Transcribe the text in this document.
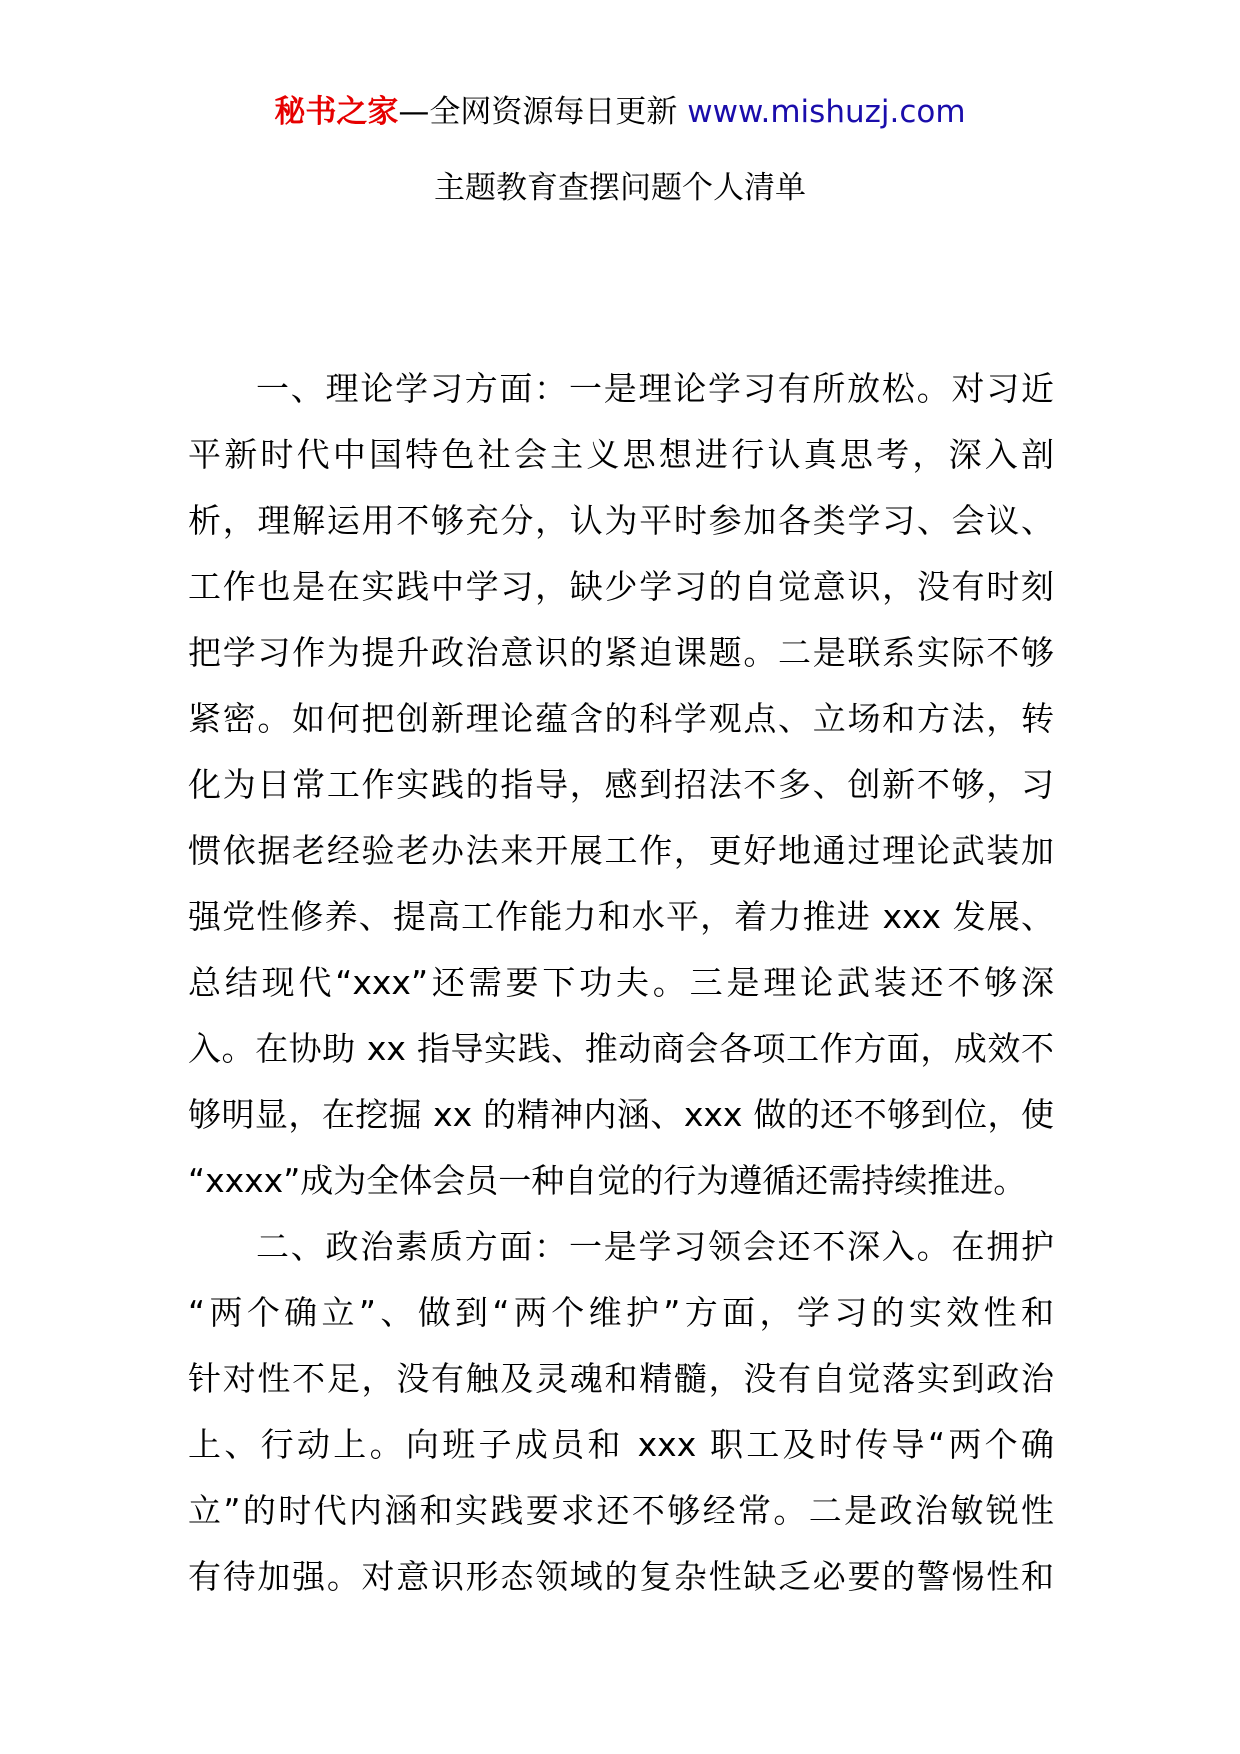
秘书之家—全网资源每日更新 www.mishuzj.com
主题教育查摆问题个人清单
一、理论学习方面：一是理论学习有所放松。对习近
平新时代中国特色社会主义思想进行认真思考，深入剖
析，理解运用不够充分，认为平时参加各类学习、会议、
工作也是在实践中学习，缺少学习的自觉意识，没有时刻
把学习作为提升政治意识的紧迫课题。二是联系实际不够
紧密。如何把创新理论蕴含的科学观点、立场和方法，转
化为日常工作实践的指导，感到招法不多、创新不够，习
惯依据老经验老办法来开展工作，更好地通过理论武装加
强党性修养、提高工作能力和水平，着力推进 xxx 发展、
总结现代“xxx”还需要下功夫。三是理论武装还不够深
入。在协助 xx 指导实践、推动商会各项工作方面，成效不
够明显，在挖掘 xx 的精神内涵、xxx 做的还不够到位，使
“xxxx”成为全体会员一种自觉的行为遵循还需持续推进。
二、政治素质方面：一是学习领会还不深入。在拥护
“两个确立”、做到“两个维护”方面，学习的实效性和
针对性不足，没有触及灵魂和精髓，没有自觉落实到政治
上、行动上。向班子成员和 xxx 职工及时传导“两个确
立”的时代内涵和实践要求还不够经常。二是政治敏锐性
有待加强。对意识形态领域的复杂性缺乏必要的警惕性和
